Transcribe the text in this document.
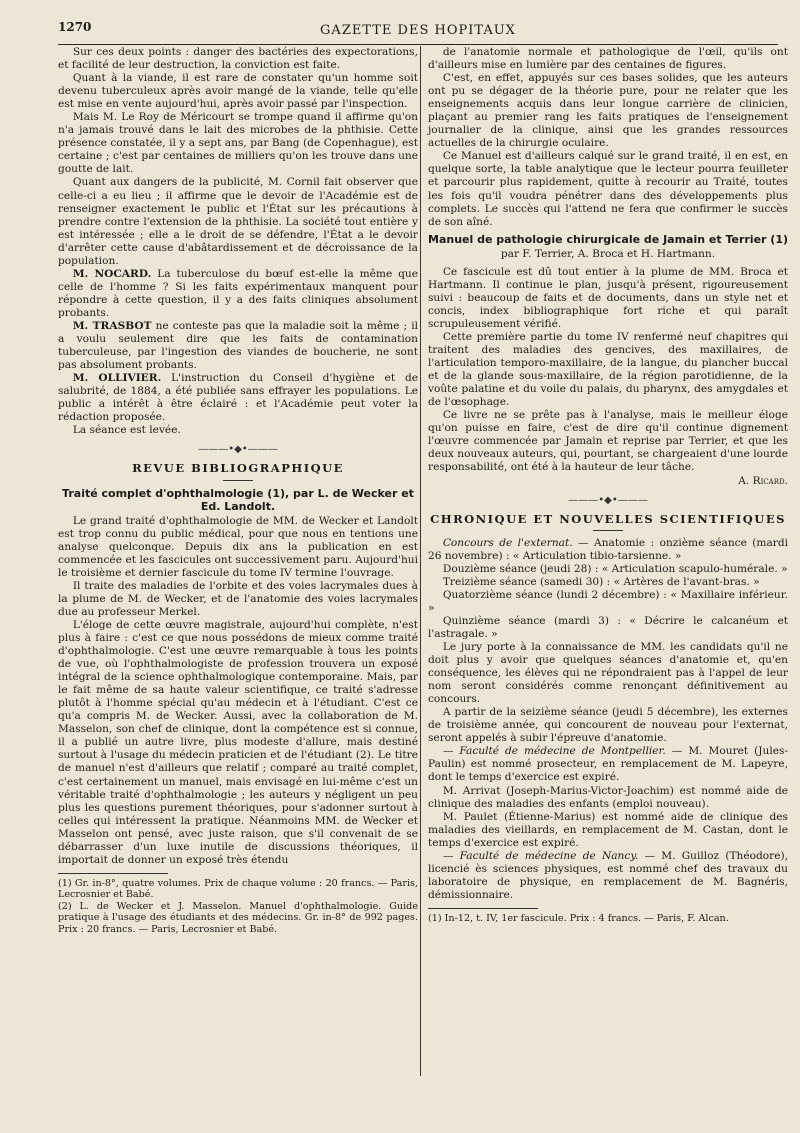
1270	GAZETTE DES HOPITAUX

Sur ces deux points : danger des bactéries des expectorations, et facilité de leur destruction, la conviction est faite.

Quant à la viande, il est rare de constater qu'un homme soit devenu tuberculeux après avoir mangé de la viande, telle qu'elle est mise en vente aujourd'hui, après avoir passé par l'inspection.

Mais M. Le Roy de Méricourt se trompe quand il affirme qu'on n'a jamais trouvé dans le lait des microbes de la phthisie. Cette présence constatée, il y a sept ans, par Bang (de Copenhague), est certaine ; c'est par centaines de milliers qu'on les trouve dans une goutte de lait.

Quant aux dangers de la publicité, M. Cornil fait observer que celle-ci a eu lieu ; il affirme que le devoir de l'Académie est de renseigner exactement le public et l'État sur les précautions à prendre contre l'extension de la phthisie. La société tout entière y est intéressée ; elle a le droit de se défendre, l'État a le devoir d'arrêter cette cause d'abâtardissement et de décroissance de la population.

M. NOCARD. La tuberculose du bœuf est-elle la même que celle de l'homme ? Si les faits expérimentaux manquent pour répondre à cette question, il y a des faits cliniques absolument probants.

M. TRASBOT ne conteste pas que la maladie soit la même ; il a voulu seulement dire que les faits de contamination tuberculeuse, par l'ingestion des viandes de boucherie, ne sont pas absolument probants.

M. OLLIVIER. L'instruction du Conseil d'hygiène et de salubrité, de 1884, a été publiée sans effrayer les populations. Le public a intérêt à être éclairé : et l'Académie peut voter la rédaction proposée.

La séance est levée.

———•◆•———
REVUE BIBLIOGRAPHIQUE
Traité complet d'ophthalmologie (1), par L. de Wecker et Ed. Landolt.

Le grand traité d'ophthalmologie de MM. de Wecker et Landolt est trop connu du public médical, pour que nous en tentions une analyse quelconque. Depuis dix ans la publication en est commencée et les fascicules ont successivement paru. Aujourd'hui le troisième et dernier fascicule du tome IV termine l'ouvrage.

Il traite des maladies de l'orbite et des voies lacrymales dues à la plume de M. de Wecker, et de l'anatomie des voies lacrymales due au professeur Merkel.

L'éloge de cette œuvre magistrale, aujourd'hui complète, n'est plus à faire : c'est ce que nous possédons de mieux comme traité d'ophthalmologie. C'est une œuvre remarquable à tous les points de vue, où l'ophthalmologiste de profession trouvera un exposé intégral de la science ophthalmologique contemporaine. Mais, par le fait même de sa haute valeur scientifique, ce traité s'adresse plutôt à l'homme spécial qu'au médecin et à l'étudiant. C'est ce qu'a compris M. de Wecker. Aussi, avec la collaboration de M. Masselon, son chef de clinique, dont la compétence est si connue, il a publié un autre livre, plus modeste d'allure, mais destiné surtout à l'usage du médecin praticien et de l'étudiant (2). Le titre de manuel n'est d'ailleurs que relatif ; comparé au traité complet, c'est certainement un manuel, mais envisagé en lui-même c'est un véritable traité d'ophthalmologie ; les auteurs y négligent un peu plus les questions purement théoriques, pour s'adonner surtout à celles qui intéressent la pratique. Néanmoins MM. de Wecker et Masselon ont pensé, avec juste raison, que s'il convenait de se débarrasser d'un luxe inutile de discussions théoriques, il importait de donner un exposé très étendu

(1) Gr. in-8°, quatre volumes. Prix de chaque volume : 20 francs. — Paris, Lecrosnier et Babé.

(2) L. de Wecker et J. Masselon. Manuel d'ophthalmologie. Guide pratique à l'usage des étudiants et des médecins. Gr. in-8° de 992 pages. Prix : 20 francs. — Paris, Lecrosnier et Babé.

de l'anatomie normale et pathologique de l'œil, qu'ils ont d'ailleurs mise en lumière par des centaines de figures.

C'est, en effet, appuyés sur ces bases solides, que les auteurs ont pu se dégager de la théorie pure, pour ne relater que les enseignements acquis dans leur longue carrière de clinicien, plaçant au premier rang les faits pratiques de l'enseignement journalier de la clinique, ainsi que les grandes ressources actuelles de la chirurgie oculaire.

Ce Manuel est d'ailleurs calqué sur le grand traité, il en est, en quelque sorte, la table analytique que le lecteur pourra feuilleter et parcourir plus rapidement, quitte à recourir au Traité, toutes les fois qu'il voudra pénétrer dans des développements plus complets. Le succès qui l'attend ne fera que confirmer le succès de son aîné.

Manuel de pathologie chirurgicale de Jamain et Terrier (1)
par F. Terrier, A. Broca et H. Hartmann.

Ce fascicule est dû tout entier à la plume de MM. Broca et Hartmann. Il continue le plan, jusqu'à présent, rigoureusement suivi : beaucoup de faits et de documents, dans un style net et concis, index bibliographique fort riche et qui paraît scrupuleusement vérifié.

Cette première partie du tome IV renfermé neuf chapitres qui traitent des maladies des gencives, des maxillaires, de l'articulation temporo-maxillaire, de la langue, du plancher buccal et de la glande sous-maxillaire, de la région parotidienne, de la voûte palatine et du voile du palais, du pharynx, des amygdales et de l'œsophage.

Ce livre ne se prête pas à l'analyse, mais le meilleur éloge qu'on puisse en faire, c'est de dire qu'il continue dignement l'œuvre commencée par Jamain et reprise par Terrier, et que les deux nouveaux auteurs, qui, pourtant, se chargeaient d'une lourde responsabilité, ont été à la hauteur de leur tâche.

A. Ricard.
———•◆•———
CHRONIQUE ET NOUVELLES SCIENTIFIQUES

Concours de l'externat. — Anatomie : onzième séance (mardi 26 novembre) : « Articulation tibio-tarsienne. »

Douzième séance (jeudi 28) : « Articulation scapulo-humérale. »

Treizième séance (samedi 30) : « Artères de l'avant-bras. »

Quatorzième séance (lundi 2 décembre) : « Maxillaire inférieur. »

Quinzième séance (mardi 3) : « Décrire le calcanéum et l'astragale. »

Le jury porte à la connaissance de MM. les candidats qu'il ne doit plus y avoir que quelques séances d'anatomie et, qu'en conséquence, les élèves qui ne répondraient pas à l'appel de leur nom seront considérés comme renonçant définitivement au concours.

A partir de la seizième séance (jeudi 5 décembre), les externes de troisième année, qui concourent de nouveau pour l'externat, seront appelés à subir l'épreuve d'anatomie.

— Faculté de médecine de Montpellier. — M. Mouret (Jules-Paulin) est nommé prosecteur, en remplacement de M. Lapeyre, dont le temps d'exercice est expiré.

M. Arrivat (Joseph-Marius-Victor-Joachim) est nommé aide de clinique des maladies des enfants (emploi nouveau).

M. Paulet (Étienne-Marius) est nommé aide de clinique des maladies des vieillards, en remplacement de M. Castan, dont le temps d'exercice est expiré.

— Faculté de médecine de Nancy. — M. Guilloz (Théodore), licencié ès sciences physiques, est nommé chef des travaux du laboratoire de physique, en remplacement de M. Bagnéris, démissionnaire.

(1) In-12, t. IV, 1er fascicule. Prix : 4 francs. — Paris, F. Alcan.
